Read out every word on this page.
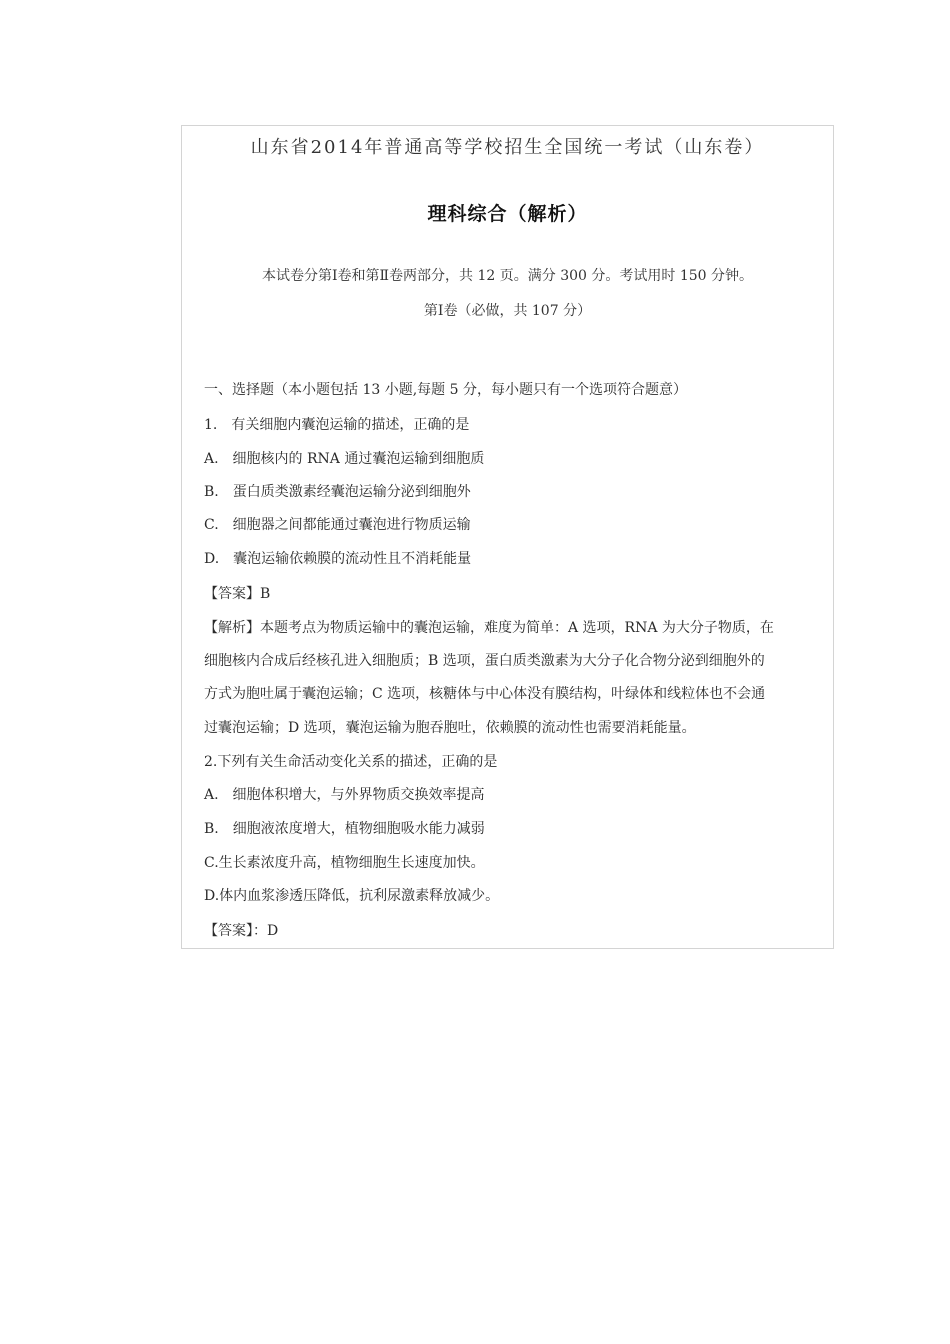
山东省2014年普通高等学校招生全国统一考试（山东卷）
理科综合（解析）
本试卷分第Ⅰ卷和第Ⅱ卷两部分，共 12 页。满分 300 分。考试用时 150 分钟。
第Ⅰ卷（必做，共 107 分）
一、选择题（本小题包括 13 小题,每题 5 分，每小题只有一个选项符合题意）
1.　有关细胞内囊泡运输的描述，正确的是
A.　细胞核内的 RNA 通过囊泡运输到细胞质
B.　蛋白质类激素经囊泡运输分泌到细胞外
C.　细胞器之间都能通过囊泡进行物质运输
D.　囊泡运输依赖膜的流动性且不消耗能量
【答案】B
【解析】本题考点为物质运输中的囊泡运输，难度为简单：A 选项，RNA 为大分子物质，在
细胞核内合成后经核孔进入细胞质；B 选项，蛋白质类激素为大分子化合物分泌到细胞外的
方式为胞吐属于囊泡运输；C 选项，核糖体与中心体没有膜结构，叶绿体和线粒体也不会通
过囊泡运输；D 选项，囊泡运输为胞吞胞吐，依赖膜的流动性也需要消耗能量。
2.下列有关生命活动变化关系的描述，正确的是
A.　细胞体积增大，与外界物质交换效率提高
B.　细胞液浓度增大，植物细胞吸水能力减弱
C.生长素浓度升高，植物细胞生长速度加快。
D.体内血浆渗透压降低，抗利尿激素释放减少。
【答案】：D
